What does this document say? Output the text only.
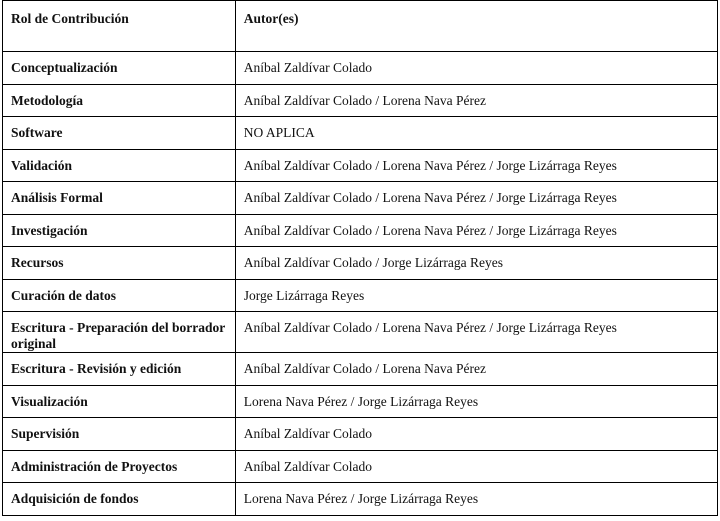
Rol de Contribución	Autor(es)
Conceptualización	Aníbal Zaldívar Colado
Metodología	Aníbal Zaldívar Colado / Lorena Nava Pérez
Software	NO APLICA
Validación	Aníbal Zaldívar Colado / Lorena Nava Pérez / Jorge Lizárraga Reyes
Análisis Formal	Aníbal Zaldívar Colado / Lorena Nava Pérez / Jorge Lizárraga Reyes
Investigación	Aníbal Zaldívar Colado / Lorena Nava Pérez / Jorge Lizárraga Reyes
Recursos	Aníbal Zaldívar Colado / Jorge Lizárraga Reyes
Curación de datos	Jorge Lizárraga Reyes
Escritura - Preparación del borrador original	Aníbal Zaldívar Colado / Lorena Nava Pérez / Jorge Lizárraga Reyes
Escritura - Revisión y edición	Aníbal Zaldívar Colado / Lorena Nava Pérez
Visualización	Lorena Nava Pérez / Jorge Lizárraga Reyes
Supervisión	Aníbal Zaldívar Colado
Administración de Proyectos	Aníbal Zaldívar Colado
Adquisición de fondos	Lorena Nava Pérez / Jorge Lizárraga Reyes
